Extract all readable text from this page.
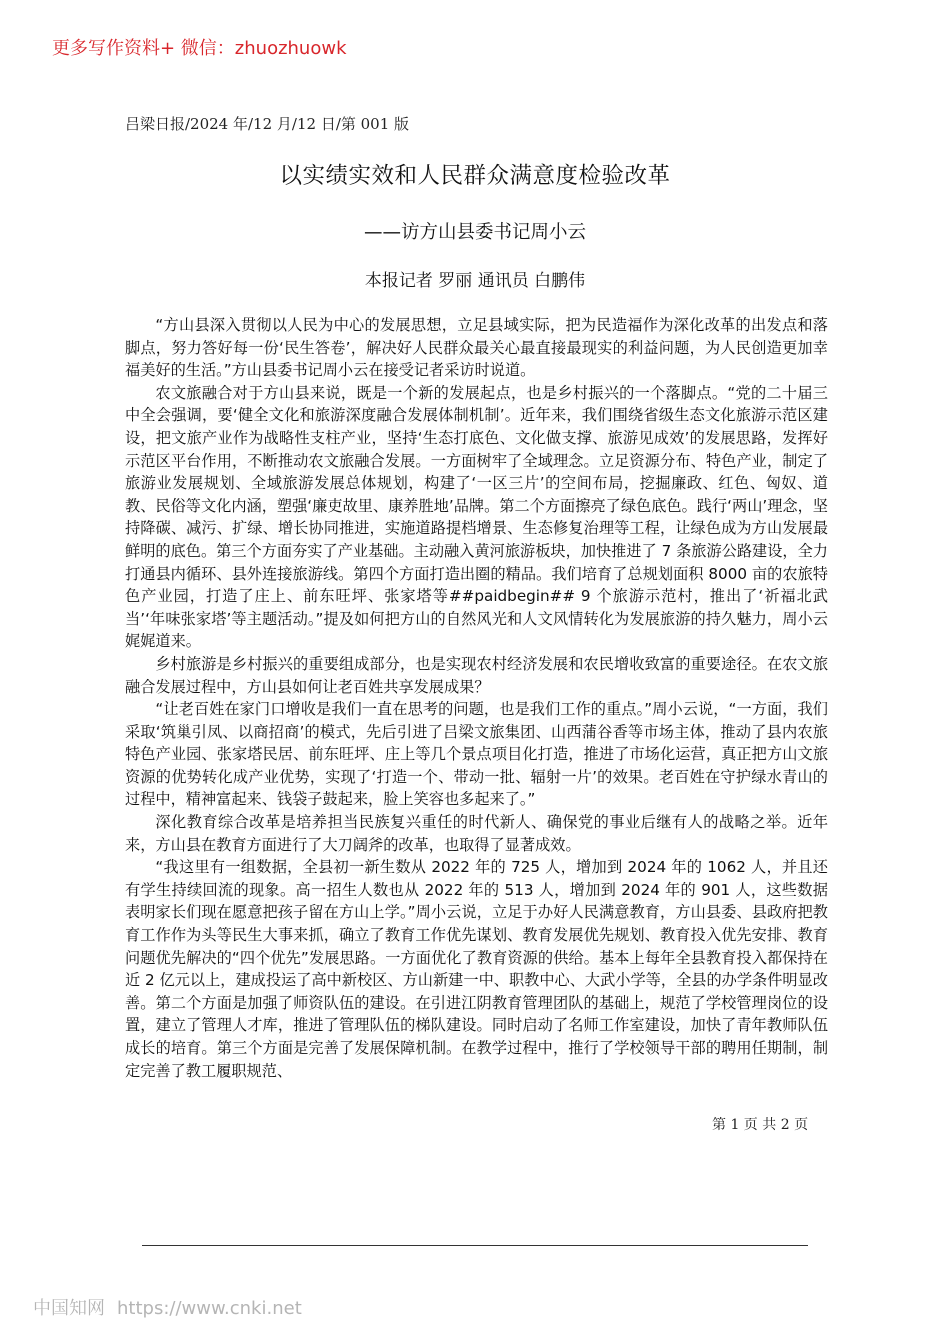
更多写作资料+ 微信：zhuozhuowk
吕梁日报/2024 年/12 月/12 日/第 001 版
以实绩实效和人民群众满意度检验改革
——访方山县委书记周小云
本报记者 罗丽 通讯员 白鹏伟

“方山县深入贯彻以人民为中心的发展思想，立足县域实际，把为民造福作为深化改革的出发点和落脚点，努力答好每一份‘民生答卷’，解决好人民群众最关心最直接最现实的利益问题，为人民创造更加幸福美好的生活。”方山县委书记周小云在接受记者采访时说道。

农文旅融合对于方山县来说，既是一个新的发展起点，也是乡村振兴的一个落脚点。“党的二十届三中全会强调，要‘健全文化和旅游深度融合发展体制机制’。近年来，我们围绕省级生态文化旅游示范区建设，把文旅产业作为战略性支柱产业，坚持‘生态打底色、文化做支撑、旅游见成效’的发展思路，发挥好示范区平台作用，不断推动农文旅融合发展。一方面树牢了全域理念。立足资源分布、特色产业，制定了旅游业发展规划、全域旅游发展总体规划，构建了‘一区三片’的空间布局，挖掘廉政、红色、匈奴、道教、民俗等文化内涵，塑强‘廉吏故里、康养胜地’品牌。第二个方面擦亮了绿色底色。践行‘两山’理念，坚持降碳、减污、扩绿、增长协同推进，实施道路提档增景、生态修复治理等工程，让绿色成为方山发展最鲜明的底色。第三个方面夯实了产业基础。主动融入黄河旅游板块，加快推进了 7 条旅游公路建设，全力打通县内循环、县外连接旅游线。第四个方面打造出圈的精品。我们培育了总规划面积 8000 亩的农旅特色产业园，打造了庄上、前东旺坪、张家塔等##paidbegin## 9 个旅游示范村，推出了‘祈福北武当’‘年味张家塔’等主题活动。”提及如何把方山的自然风光和人文风情转化为发展旅游的持久魅力，周小云娓娓道来。

乡村旅游是乡村振兴的重要组成部分，也是实现农村经济发展和农民增收致富的重要途径。在农文旅融合发展过程中，方山县如何让老百姓共享发展成果？

“让老百姓在家门口增收是我们一直在思考的问题，也是我们工作的重点。”周小云说，“一方面，我们采取‘筑巢引凤、以商招商’的模式，先后引进了吕梁文旅集团、山西蒲谷香等市场主体，推动了县内农旅特色产业园、张家塔民居、前东旺坪、庄上等几个景点项目化打造，推进了市场化运营，真正把方山文旅资源的优势转化成产业优势，实现了‘打造一个、带动一批、辐射一片’的效果。老百姓在守护绿水青山的过程中，精神富起来、钱袋子鼓起来，脸上笑容也多起来了。”

深化教育综合改革是培养担当民族复兴重任的时代新人、确保党的事业后继有人的战略之举。近年来，方山县在教育方面进行了大刀阔斧的改革，也取得了显著成效。

“我这里有一组数据，全县初一新生数从 2022 年的 725 人，增加到 2024 年的 1062 人，并且还有学生持续回流的现象。高一招生人数也从 2022 年的 513 人，增加到 2024 年的 901 人，这些数据表明家长们现在愿意把孩子留在方山上学。”周小云说，立足于办好人民满意教育，方山县委、县政府把教育工作作为头等民生大事来抓，确立了教育工作优先谋划、教育发展优先规划、教育投入优先安排、教育问题优先解决的“四个优先”发展思路。一方面优化了教育资源的供给。基本上每年全县教育投入都保持在近 2 亿元以上，建成投运了高中新校区、方山新建一中、职教中心、大武小学等，全县的办学条件明显改善。第二个方面是加强了师资队伍的建设。在引进江阴教育管理团队的基础上，规范了学校管理岗位的设置，建立了管理人才库，推进了管理队伍的梯队建设。同时启动了名师工作室建设，加快了青年教师队伍成长的培育。第三个方面是完善了发展保障机制。在教学过程中，推行了学校领导干部的聘用任期制，制定完善了教工履职规范、

第 1 页 共 2 页
中国知网 https://www.cnki.net
